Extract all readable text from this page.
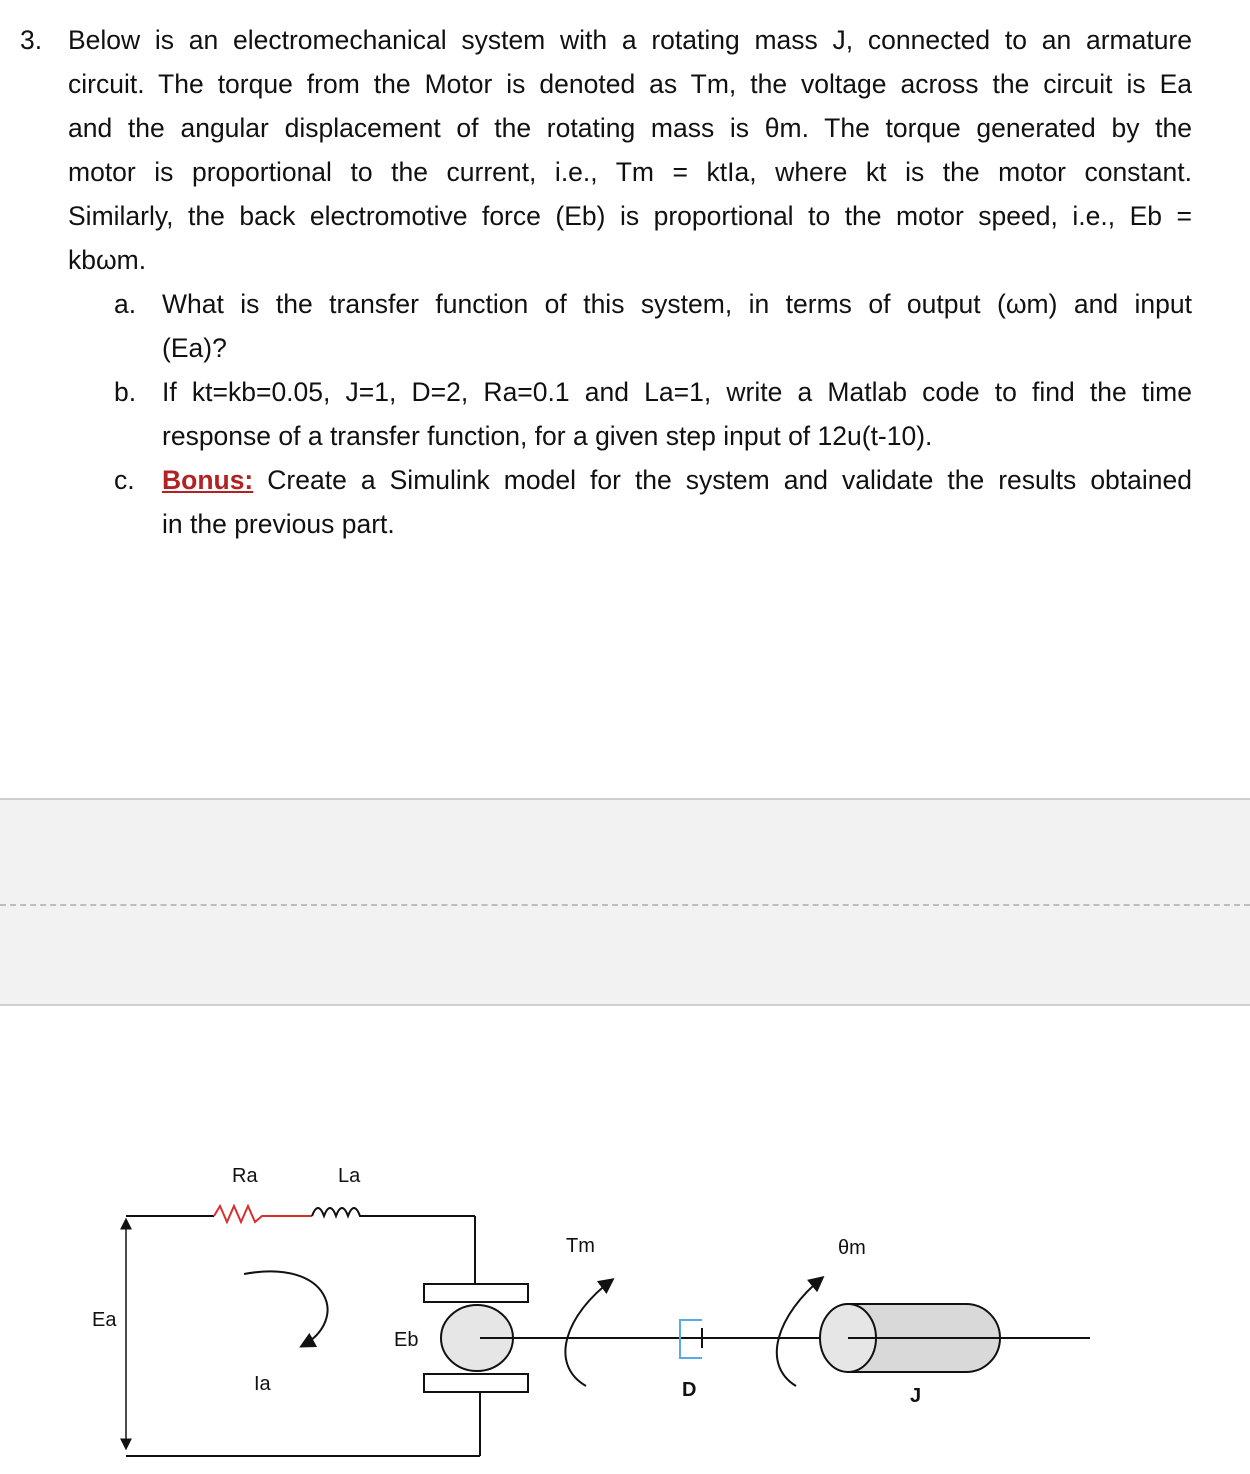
3. Below is an electromechanical system with a rotating mass J, connected to an armature
circuit. The torque from the Motor is denoted as Tm, the voltage across the circuit is Ea
and the angular displacement of the rotating mass is θm. The torque generated by the
motor is proportional to the current, i.e., Tm = ktIa, where kt is the motor constant.
Similarly, the back electromotive force (Eb) is proportional to the motor speed, i.e., Eb =
kbωm.
a. What is the transfer function of this system, in terms of output (ωm) and input
(Ea)?
b. If kt=kb=0.05, J=1, D=2, Ra=0.1 and La=1, write a Matlab code to find the time
response of a transfer function, for a given step input of 12u(t-10).
c. Bonus: Create a Simulink model for the system and validate the results obtained
in the previous part.
Ra	La
Ea
Ia
Eb
Tm	θm
D	J
